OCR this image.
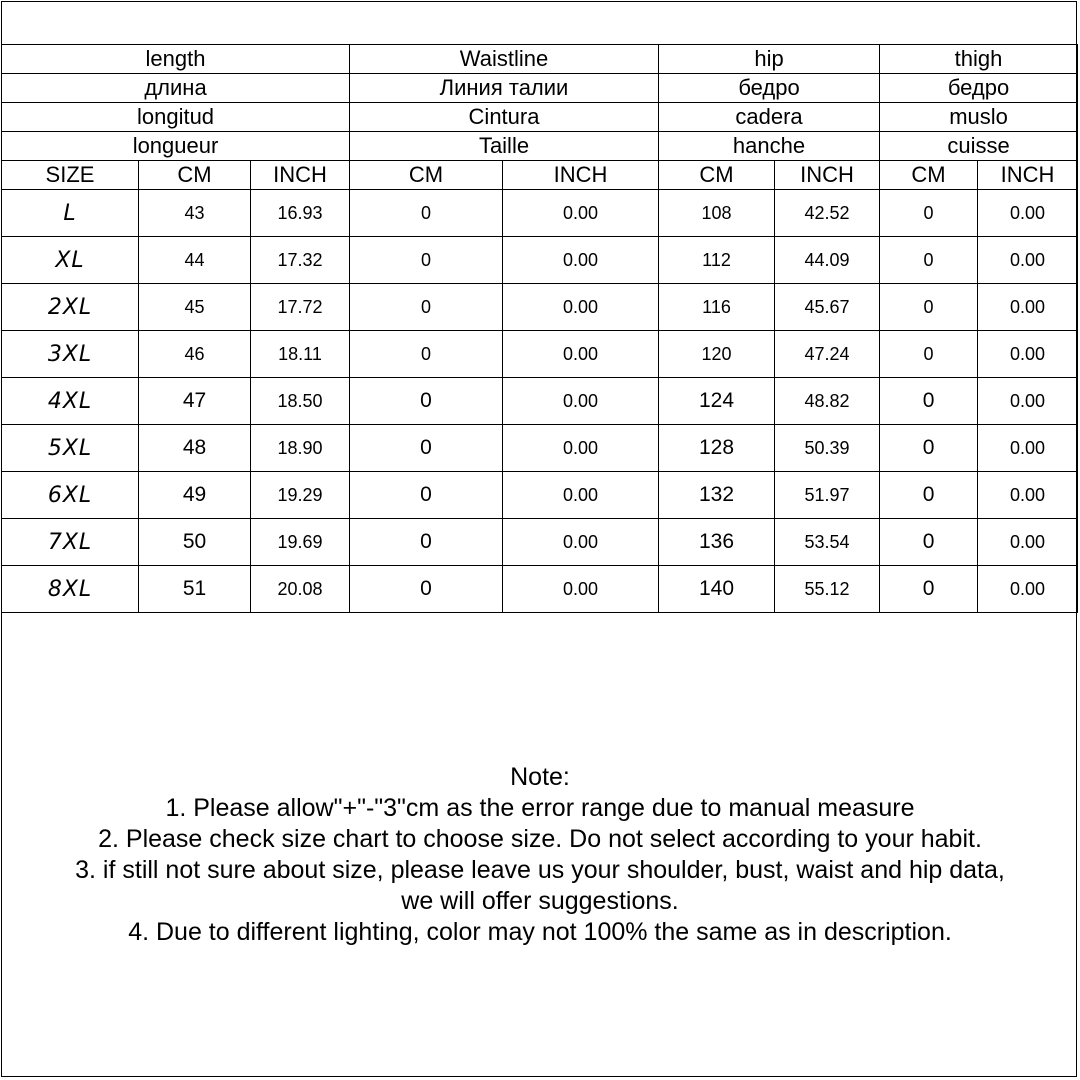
length			Waistline		hip		thigh	
длина			Линия талии		бедро		бедро	
longitud			Cintura		cadera		muslo	
longueur			Taille		hanche		cuisse	
SIZE	CM	INCH	CM	INCH	CM	INCH	CM	INCH
L	43	16.93	0	0.00	108	42.52	0	0.00
XL	44	17.32	0	0.00	112	44.09	0	0.00
2XL	45	17.72	0	0.00	116	45.67	0	0.00
3XL	46	18.11	0	0.00	120	47.24	0	0.00
4XL	47	18.50	0	0.00	124	48.82	0	0.00
5XL	48	18.90	0	0.00	128	50.39	0	0.00
6XL	49	19.29	0	0.00	132	51.97	0	0.00
7XL	50	19.69	0	0.00	136	53.54	0	0.00
8XL	51	20.08	0	0.00	140	55.12	0	0.00
Note:
1. Please allow"+"-"3"cm as the error range due to manual measure
2. Please check size chart to choose size. Do not select according to your habit.
3. if still not sure about size, please leave us your shoulder, bust, waist and hip data,
we will offer suggestions.
4. Due to different lighting, color may not 100% the same as in description.
